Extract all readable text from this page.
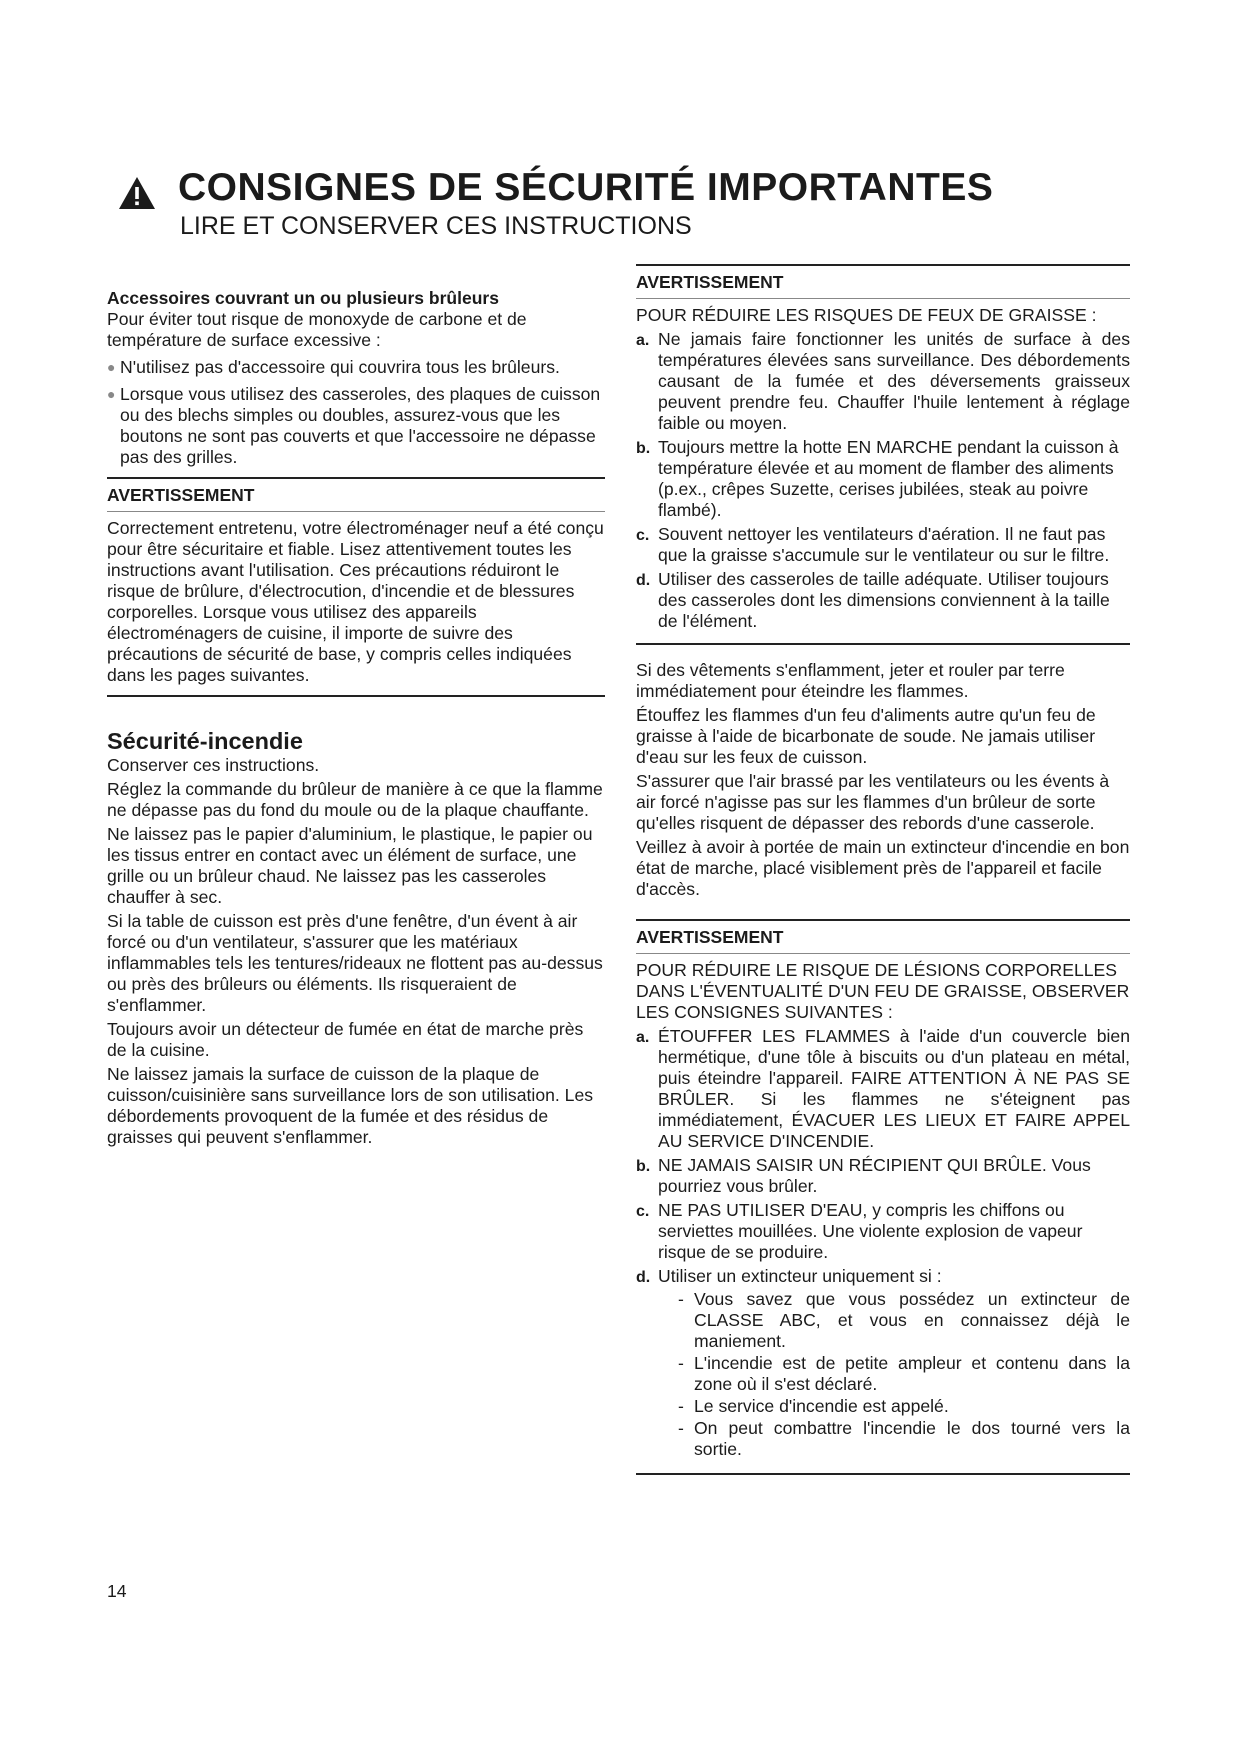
CONSIGNES DE SÉCURITÉ IMPORTANTES
LIRE ET CONSERVER CES INSTRUCTIONS

Accessoires couvrant un ou plusieurs brûleurs

Pour éviter tout risque de monoxyde de carbone et de température de surface excessive :

● N'utilisez pas d'accessoire qui couvrira tous les brûleurs.
● Lorsque vous utilisez des casseroles, des plaques de cuisson ou des blechs simples ou doubles, assurez-vous que les boutons ne sont pas couverts et que l'accessoire ne dépasse pas des grilles.
AVERTISSEMENT
Correctement entretenu, votre électroménager neuf a été conçu pour être sécuritaire et fiable. Lisez attentivement toutes les instructions avant l'utilisation. Ces précautions réduiront le risque de brûlure, d'électrocution, d'incendie et de blessures corporelles. Lorsque vous utilisez des appareils électroménagers de cuisine, il importe de suivre des précautions de sécurité de base, y compris celles indiquées dans les pages suivantes.

Sécurité-incendie

Conserver ces instructions.

Réglez la commande du brûleur de manière à ce que la flamme ne dépasse pas du fond du moule ou de la plaque chauffante.

Ne laissez pas le papier d'aluminium, le plastique, le papier ou les tissus entrer en contact avec un élément de surface, une grille ou un brûleur chaud. Ne laissez pas les casseroles chauffer à sec.

Si la table de cuisson est près d'une fenêtre, d'un évent à air forcé ou d'un ventilateur, s'assurer que les matériaux inflammables tels les tentures/rideaux ne flottent pas au-dessus ou près des brûleurs ou éléments. Ils risqueraient de s'enflammer.

Toujours avoir un détecteur de fumée en état de marche près de la cuisine.

Ne laissez jamais la surface de cuisson de la plaque de cuisson/cuisinière sans surveillance lors de son utilisation. Les débordements provoquent de la fumée et des résidus de graisses qui peuvent s'enflammer.

AVERTISSEMENT

POUR RÉDUIRE LES RISQUES DE FEUX DE GRAISSE :

a. Ne jamais faire fonctionner les unités de surface à des températures élevées sans surveillance. Des débordements causant de la fumée et des déversements graisseux peuvent prendre feu. Chauffer l'huile lentement à réglage faible ou moyen.
b. Toujours mettre la hotte EN MARCHE pendant la cuisson à température élevée et au moment de flamber des aliments (p.ex., crêpes Suzette, cerises jubilées, steak au poivre flambé).
c. Souvent nettoyer les ventilateurs d'aération. Il ne faut pas que la graisse s'accumule sur le ventilateur ou sur le filtre.
d. Utiliser des casseroles de taille adéquate. Utiliser toujours des casseroles dont les dimensions conviennent à la taille de l'élément.

Si des vêtements s'enflamment, jeter et rouler par terre immédiatement pour éteindre les flammes.

Étouffez les flammes d'un feu d'aliments autre qu'un feu de graisse à l'aide de bicarbonate de soude. Ne jamais utiliser d'eau sur les feux de cuisson.

S'assurer que l'air brassé par les ventilateurs ou les évents à air forcé n'agisse pas sur les flammes d'un brûleur de sorte qu'elles risquent de dépasser des rebords d'une casserole.

Veillez à avoir à portée de main un extincteur d'incendie en bon état de marche, placé visiblement près de l'appareil et facile d'accès.

AVERTISSEMENT

POUR RÉDUIRE LE RISQUE DE LÉSIONS CORPORELLES DANS L'ÉVENTUALITÉ D'UN FEU DE GRAISSE, OBSERVER LES CONSIGNES SUIVANTES :

a. ÉTOUFFER LES FLAMMES à l'aide d'un couvercle bien hermétique, d'une tôle à biscuits ou d'un plateau en métal, puis éteindre l'appareil. FAIRE ATTENTION À NE PAS SE BRÛLER. Si les flammes ne s'éteignent pas immédiatement, ÉVACUER LES LIEUX ET FAIRE APPEL AU SERVICE D'INCENDIE.
b. NE JAMAIS SAISIR UN RÉCIPIENT QUI BRÛLE. Vous pourriez vous brûler.
c. NE PAS UTILISER D'EAU, y compris les chiffons ou serviettes mouillées. Une violente explosion de vapeur risque de se produire.
d. Utiliser un extincteur uniquement si :
- Vous savez que vous possédez un extincteur de CLASSE ABC, et vous en connaissez déjà le maniement.
- L'incendie est de petite ampleur et contenu dans la zone où il s'est déclaré.
- Le service d'incendie est appelé.
- On peut combattre l'incendie le dos tourné vers la sortie.
14
